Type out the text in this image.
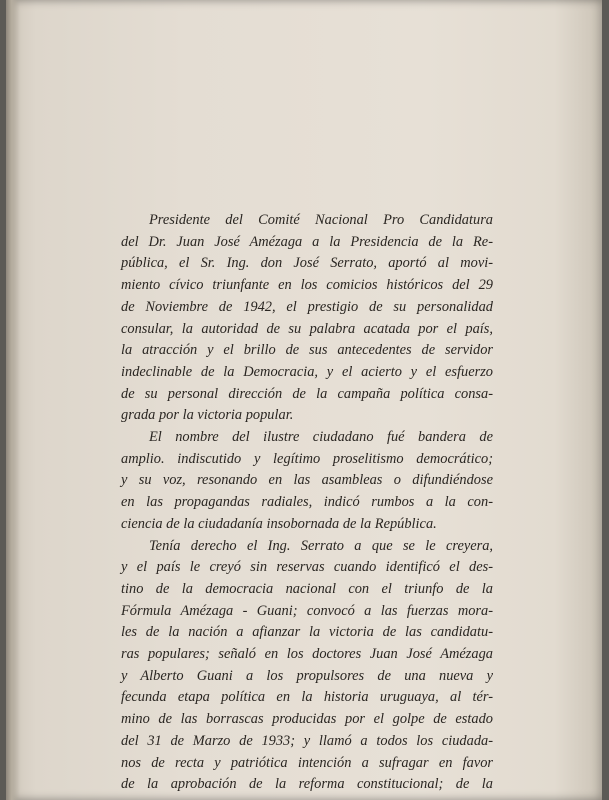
Presidente del Comité Nacional Pro Candidatura
del Dr. Juan José Amézaga a la Presidencia de la Re-
pública, el Sr. Ing. don José Serrato, aportó al movi-
miento cívico triunfante en los comicios históricos del 29
de Noviembre de 1942, el prestigio de su personalidad
consular, la autoridad de su palabra acatada por el país,
la atracción y el brillo de sus antecedentes de servidor
indeclinable de la Democracia, y el acierto y el esfuerzo
de su personal dirección de la campaña política consa-
grada por la victoria popular.

El nombre del ilustre ciudadano fué bandera de
amplio. indiscutido y legítimo proselitismo democrático;
y su voz, resonando en las asambleas o difundiéndose
en las propagandas radiales, indicó rumbos a la con-
ciencia de la ciudadanía insobornada de la República.

Tenía derecho el Ing. Serrato a que se le creyera,
y el país le creyó sin reservas cuando identificó el des-
tino de la democracia nacional con el triunfo de la
Fórmula Amézaga - Guani; convocó a las fuerzas mora-
les de la nación a afianzar la victoria de las candidatu-
ras populares; señaló en los doctores Juan José Amézaga
y Alberto Guani a los propulsores de una nueva y
fecunda etapa política en la historia uruguaya, al tér-
mino de las borrascas producidas por el golpe de estado
del 31 de Marzo de 1933; y llamó a todos los ciudada-
nos de recta y patriótica intención a sufragar en favor
de la aprobación de la reforma constitucional; de la
